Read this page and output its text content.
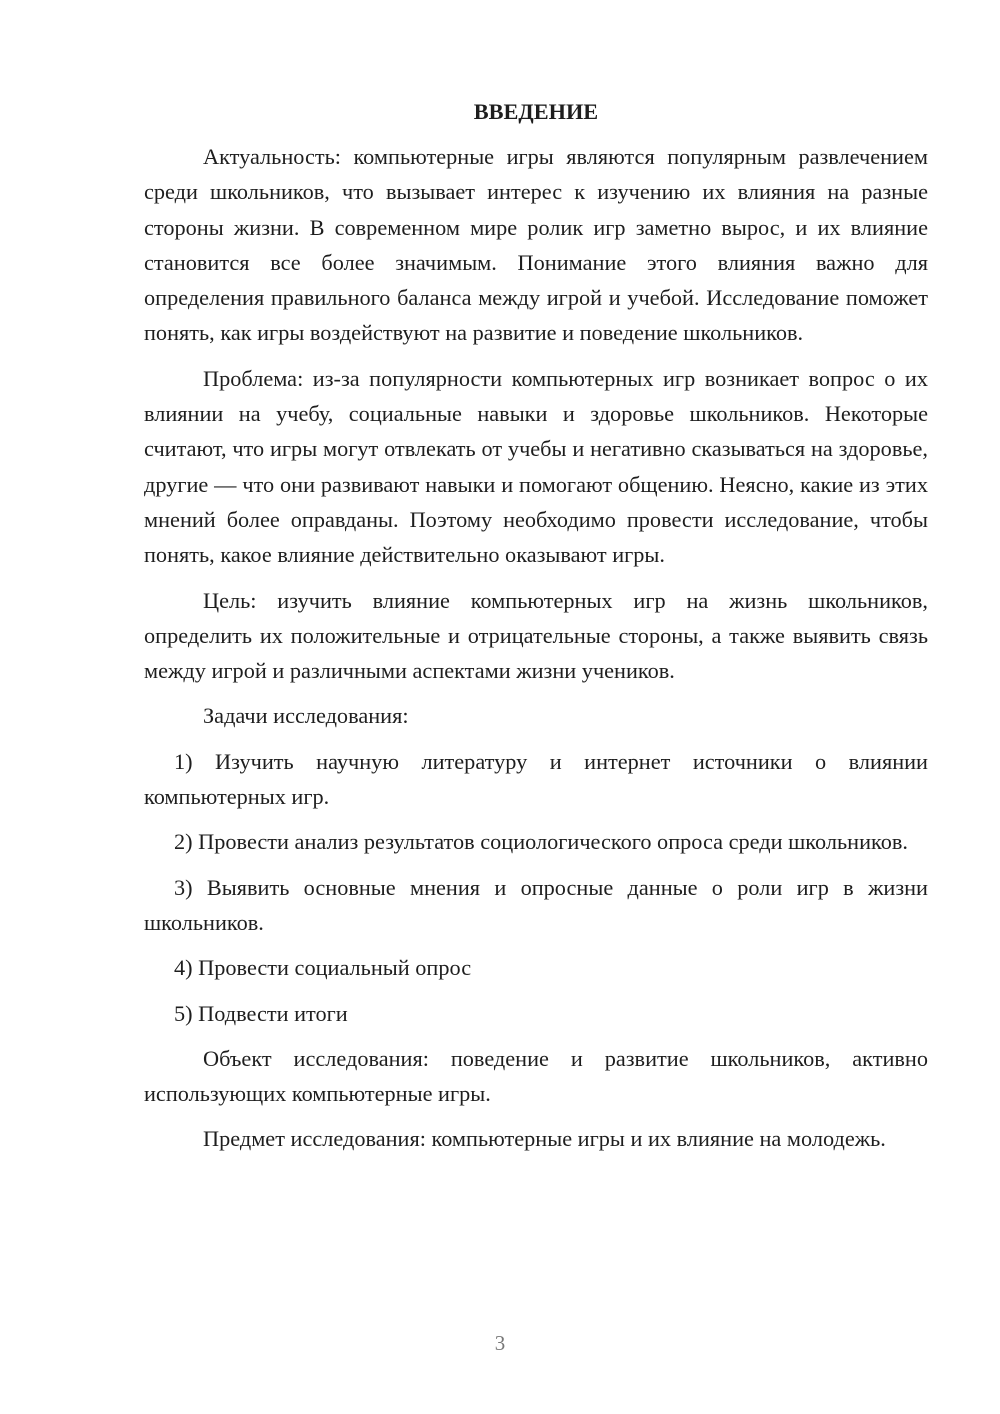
ВВЕДЕНИЕ

Актуальность: компьютерные игры являются популярным развлечением среди школьников, что вызывает интерес к изучению их влияния на разные стороны жизни. В современном мире ролик игр заметно вырос, и их влияние становится все более значимым. Понимание этого влияния важно для определения правильного баланса между игрой и учебой. Исследование поможет понять, как игры воздействуют на развитие и поведение школьников.

Проблема: из-за популярности компьютерных игр возникает вопрос о их влиянии на учебу, социальные навыки и здоровье школьников. Некоторые считают, что игры могут отвлекать от учебы и негативно сказываться на здоровье, другие — что они развивают навыки и помогают общению. Неясно, какие из этих мнений более оправданы. Поэтому необходимо провести исследование, чтобы понять, какое влияние действительно оказывают игры.

Цель: изучить влияние компьютерных игр на жизнь школьников, определить их положительные и отрицательные стороны, а также выявить связь между игрой и различными аспектами жизни учеников.

Задачи исследования:

1) Изучить научную литературу и интернет источники о влиянии компьютерных игр.

2) Провести анализ результатов социологического опроса среди школьников.

3) Выявить основные мнения и опросные данные о роли игр в жизни школьников.

4) Провести социальный опрос

5) Подвести итоги

Объект исследования: поведение и развитие школьников, активно использующих компьютерные игры.

Предмет исследования: компьютерные игры и их влияние на молодежь.

3
